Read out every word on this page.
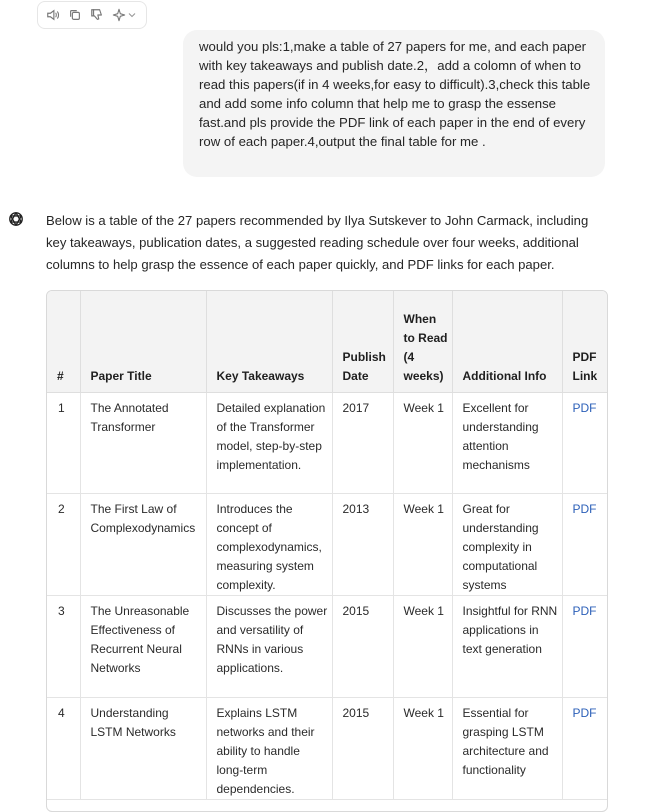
would you pls:1,make a table of 27 papers for me, and each paper with key takeaways and publish date.2，add a colomn of when to read this papers(if in 4 weeks,for easy to difficult).3,check this table and add some info column that help me to grasp the essense fast.and pls provide the PDF link of each paper in the end of every row of each paper.4,output the final table for me .
Below is a table of the 27 papers recommended by Ilya Sutskever to John Carmack, including key takeaways, publication dates, a suggested reading schedule over four weeks, additional columns to help grasp the essence of each paper quickly, and PDF links for each paper.
#	Paper Title	Key Takeaways	Publish Date	When to Read (4 weeks)	Additional Info	PDF Link
1	The Annotated Transformer	Detailed explanation of the Transformer model, step-by-step implementation.	2017	Week 1	Excellent for understanding attention mechanisms	PDF
2	The First Law of Complexodynamics	Introduces the concept of complexodynamics, measuring system complexity.	2013	Week 1	Great for understanding complexity in computational systems	PDF
3	The Unreasonable Effectiveness of Recurrent Neural Networks	Discusses the power and versatility of RNNs in various applications.	2015	Week 1	Insightful for RNN applications in text generation	PDF
4	Understanding LSTM Networks	Explains LSTM networks and their ability to handle long-term dependencies.	2015	Week 1	Essential for grasping LSTM architecture and functionality	PDF
